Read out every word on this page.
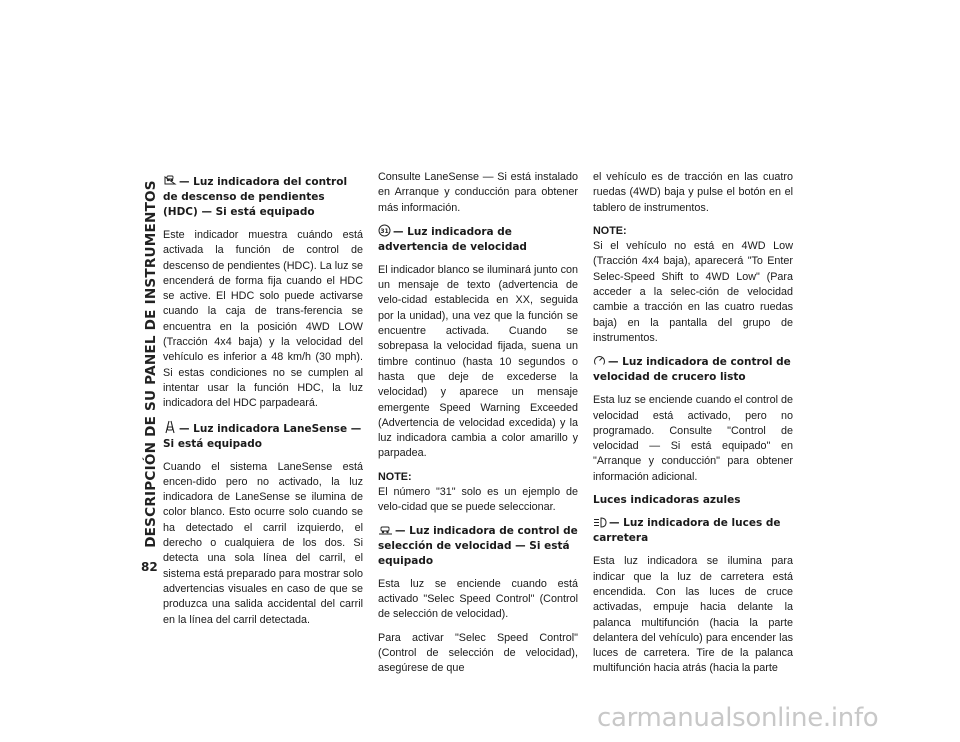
DESCRIPCIÓN DE SU PANEL DE INSTRUMENTOS
82
— Luz indicadora del control de descenso de pendientes (HDC) — Si está equipado

Este indicador muestra cuándo está activada la función de control de descenso de pendientes (HDC). La luz se encenderá de forma fija cuando el HDC se active. El HDC solo puede activarse cuando la caja de trans-ferencia se encuentra en la posición 4WD LOW (Tracción 4x4 baja) y la velocidad del vehículo es inferior a 48 km/h (30 mph). Si estas condiciones no se cumplen al intentar usar la función HDC, la luz indicadora del HDC parpadeará.

— Luz indicadora LaneSense — Si está equipado

Cuando el sistema LaneSense está encen-dido pero no activado, la luz indicadora de LaneSense se ilumina de color blanco. Esto ocurre solo cuando se ha detectado el carril izquierdo, el derecho o cualquiera de los dos. Si detecta una sola línea del carril, el sistema está preparado para mostrar solo advertencias visuales en caso de que se produzca una salida accidental del carril en la línea del carril detectada.

Consulte LaneSense — Si está instalado en Arranque y conducción para obtener más información.

31 — Luz indicadora de advertencia de velocidad

El indicador blanco se iluminará junto con un mensaje de texto (advertencia de velo-cidad establecida en XX, seguida por la unidad), una vez que la función se encuentre activada. Cuando se sobrepasa la velocidad fijada, suena un timbre continuo (hasta 10 segundos o hasta que deje de excederse la velocidad) y aparece un mensaje emergente Speed Warning Exceeded (Advertencia de velocidad excedida) y la luz indicadora cambia a color amarillo y parpadea.

NOTE:
El número "31" solo es un ejemplo de velo-cidad que se puede seleccionar.

— Luz indicadora de control de selección de velocidad — Si está equipado

Esta luz se enciende cuando está activado "Selec Speed Control" (Control de selección de velocidad).

Para activar "Selec Speed Control" (Control de selección de velocidad), asegúrese de que

el vehículo es de tracción en las cuatro ruedas (4WD) baja y pulse el botón en el tablero de instrumentos.

NOTE:
Si el vehículo no está en 4WD Low (Tracción 4x4 baja), aparecerá "To Enter Selec-Speed Shift to 4WD Low" (Para acceder a la selec-ción de velocidad cambie a tracción en las cuatro ruedas baja) en la pantalla del grupo de instrumentos.

— Luz indicadora de control de velocidad de crucero listo

Esta luz se enciende cuando el control de velocidad está activado, pero no programado. Consulte "Control de velocidad — Si está equipado" en "Arranque y conducción" para obtener información adicional.

Luces indicadoras azules
— Luz indicadora de luces de carretera

Esta luz indicadora se ilumina para indicar que la luz de carretera está encendida. Con las luces de cruce activadas, empuje hacia delante la palanca multifunción (hacia la parte delantera del vehículo) para encender las luces de carretera. Tire de la palanca multifunción hacia atrás (hacia la parte

carmanualsonline.info
